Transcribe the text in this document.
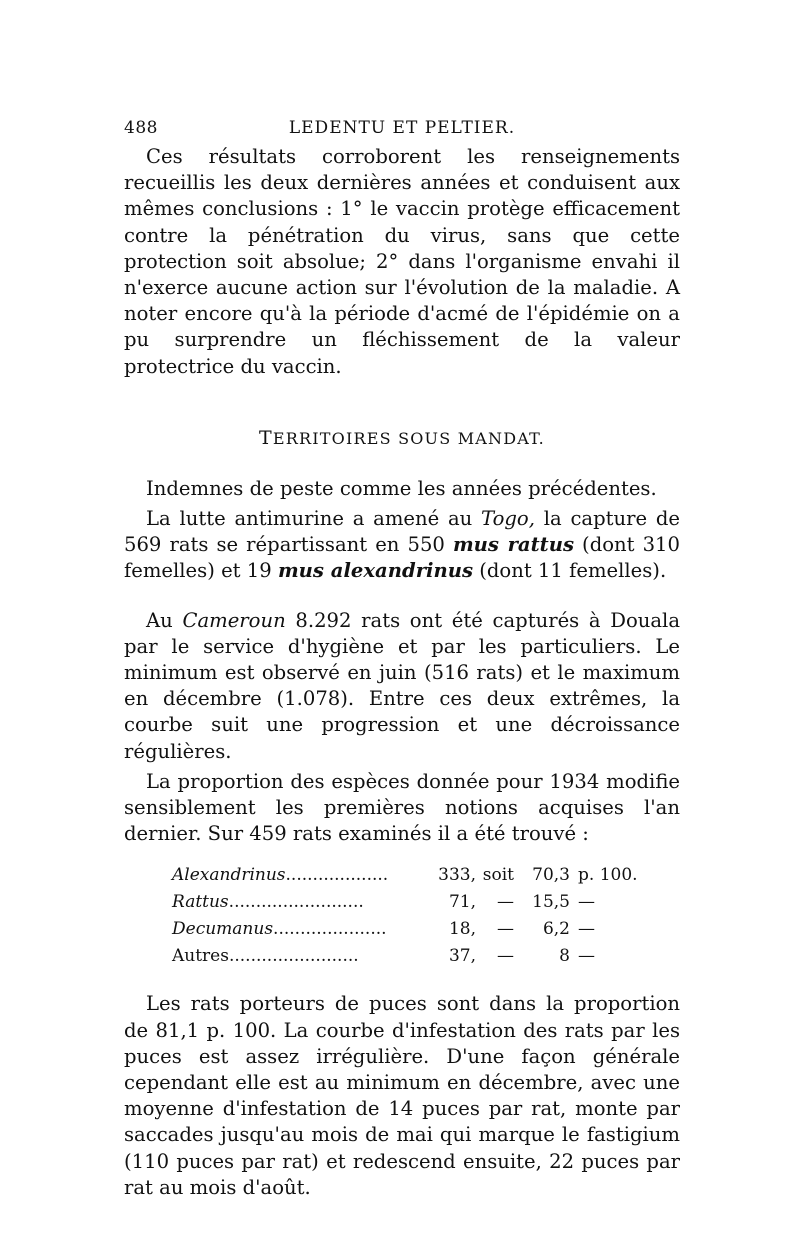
488	LEDENTU ET PELTIER.

Ces résultats corroborent les renseignements recueillis les deux dernières années et conduisent aux mêmes conclusions : 1° le vaccin protège efficacement contre la pénétration du virus, sans que cette protection soit absolue; 2° dans l'organisme envahi il n'exerce aucune action sur l'évolution de la maladie. A noter encore qu'à la période d'acmé de l'épidémie on a pu surprendre un fléchissement de la valeur protectrice du vaccin.

TERRITOIRES SOUS MANDAT.

Indemnes de peste comme les années précédentes.

La lutte antimurine a amené au Togo, la capture de 569 rats se répartissant en 550 mus rattus (dont 310 femelles) et 19 mus alexandrinus (dont 11 femelles).

Au Cameroun 8.292 rats ont été capturés à Douala par le service d'hygiène et par les particuliers. Le minimum est observé en juin (516 rats) et le maximum en décembre (1.078). Entre ces deux extrêmes, la courbe suit une progression et une décroissance régulières.

La proportion des espèces donnée pour 1934 modifie sensiblement les premières notions acquises l'an dernier. Sur 459 rats examinés il a été trouvé :

Alexandrinus...................	333,	soit	70,3	p. 100.
Rattus.........................	71,	—	15,5	—
Decumanus.....................	18,	—	6,2	—
Autres........................	37,	—	8	—

Les rats porteurs de puces sont dans la proportion de 81,1 p. 100. La courbe d'infestation des rats par les puces est assez irrégulière. D'une façon générale cependant elle est au minimum en décembre, avec une moyenne d'infestation de 14 puces par rat, monte par saccades jusqu'au mois de mai qui marque le fastigium (110 puces par rat) et redescend ensuite, 22 puces par rat au mois d'août.
